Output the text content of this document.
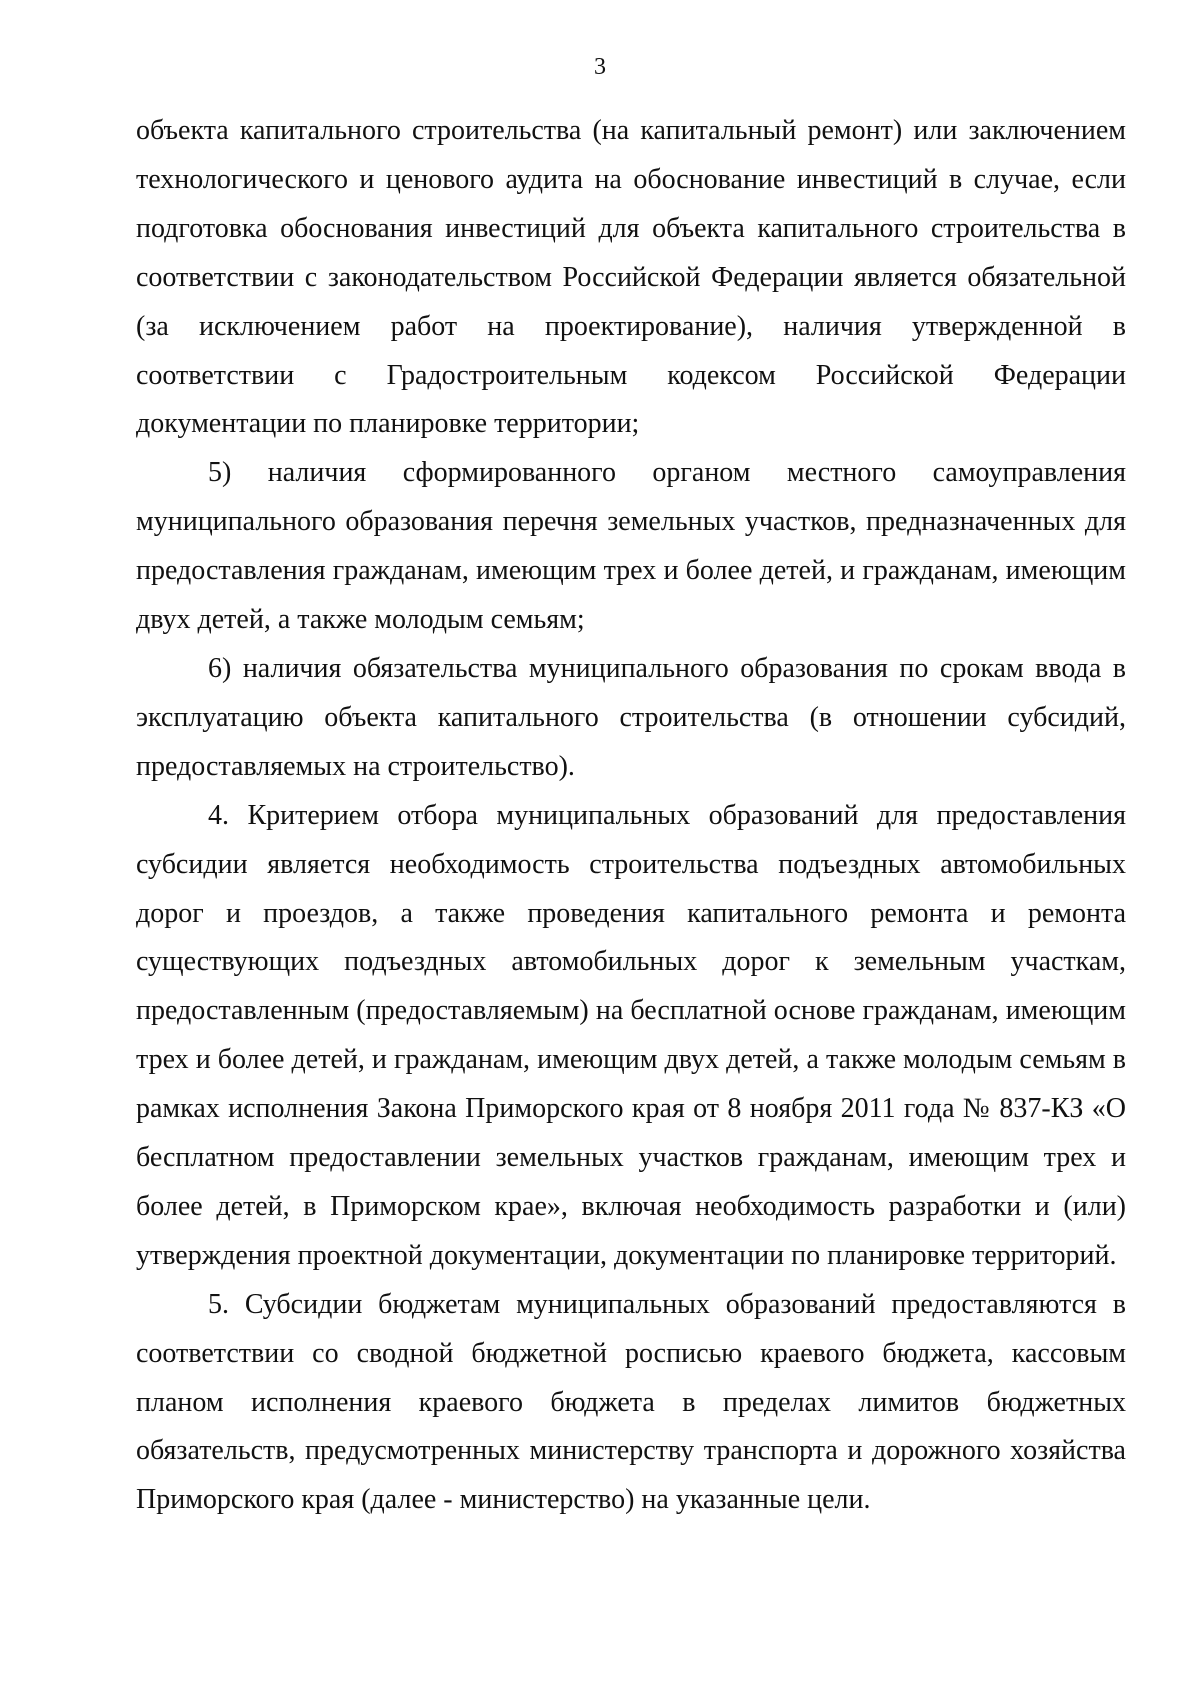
3

объекта капитального строительства (на капитальный ремонт) или заключением технологического и ценового аудита на обоснование инвестиций в случае, если подготовка обоснования инвестиций для объекта капитального строительства в соответствии с законодательством Российской Федерации является обязательной (за исключением работ на проектирование), наличия утвержденной в соответствии с Градостроительным кодексом Российской Федерации документации по планировке территории;

5) наличия сформированного органом местного самоуправления муниципального образования перечня земельных участков, предназначенных для предоставления гражданам, имеющим трех и более детей, и гражданам, имеющим двух детей, а также молодым семьям;

6) наличия обязательства муниципального образования по срокам ввода в эксплуатацию объекта капитального строительства (в отношении субсидий, предоставляемых на строительство).

4. Критерием отбора муниципальных образований для предоставления субсидии является необходимость строительства подъездных автомобильных дорог и проездов, а также проведения капитального ремонта и ремонта существующих подъездных автомобильных дорог к земельным участкам, предоставленным (предоставляемым) на бесплатной основе гражданам, имеющим трех и более детей, и гражданам, имеющим двух детей, а также молодым семьям в рамках исполнения Закона Приморского края от 8 ноября 2011 года № 837-КЗ «О бесплатном предоставлении земельных участков гражданам, имеющим трех и более детей, в Приморском крае», включая необходимость разработки и (или) утверждения проектной документации, документации по планировке территорий.

5. Субсидии бюджетам муниципальных образований предоставляются в соответствии со сводной бюджетной росписью краевого бюджета, кассовым планом исполнения краевого бюджета в пределах лимитов бюджетных обязательств, предусмотренных министерству транспорта и дорожного хозяйства Приморского края (далее - министерство) на указанные цели.
